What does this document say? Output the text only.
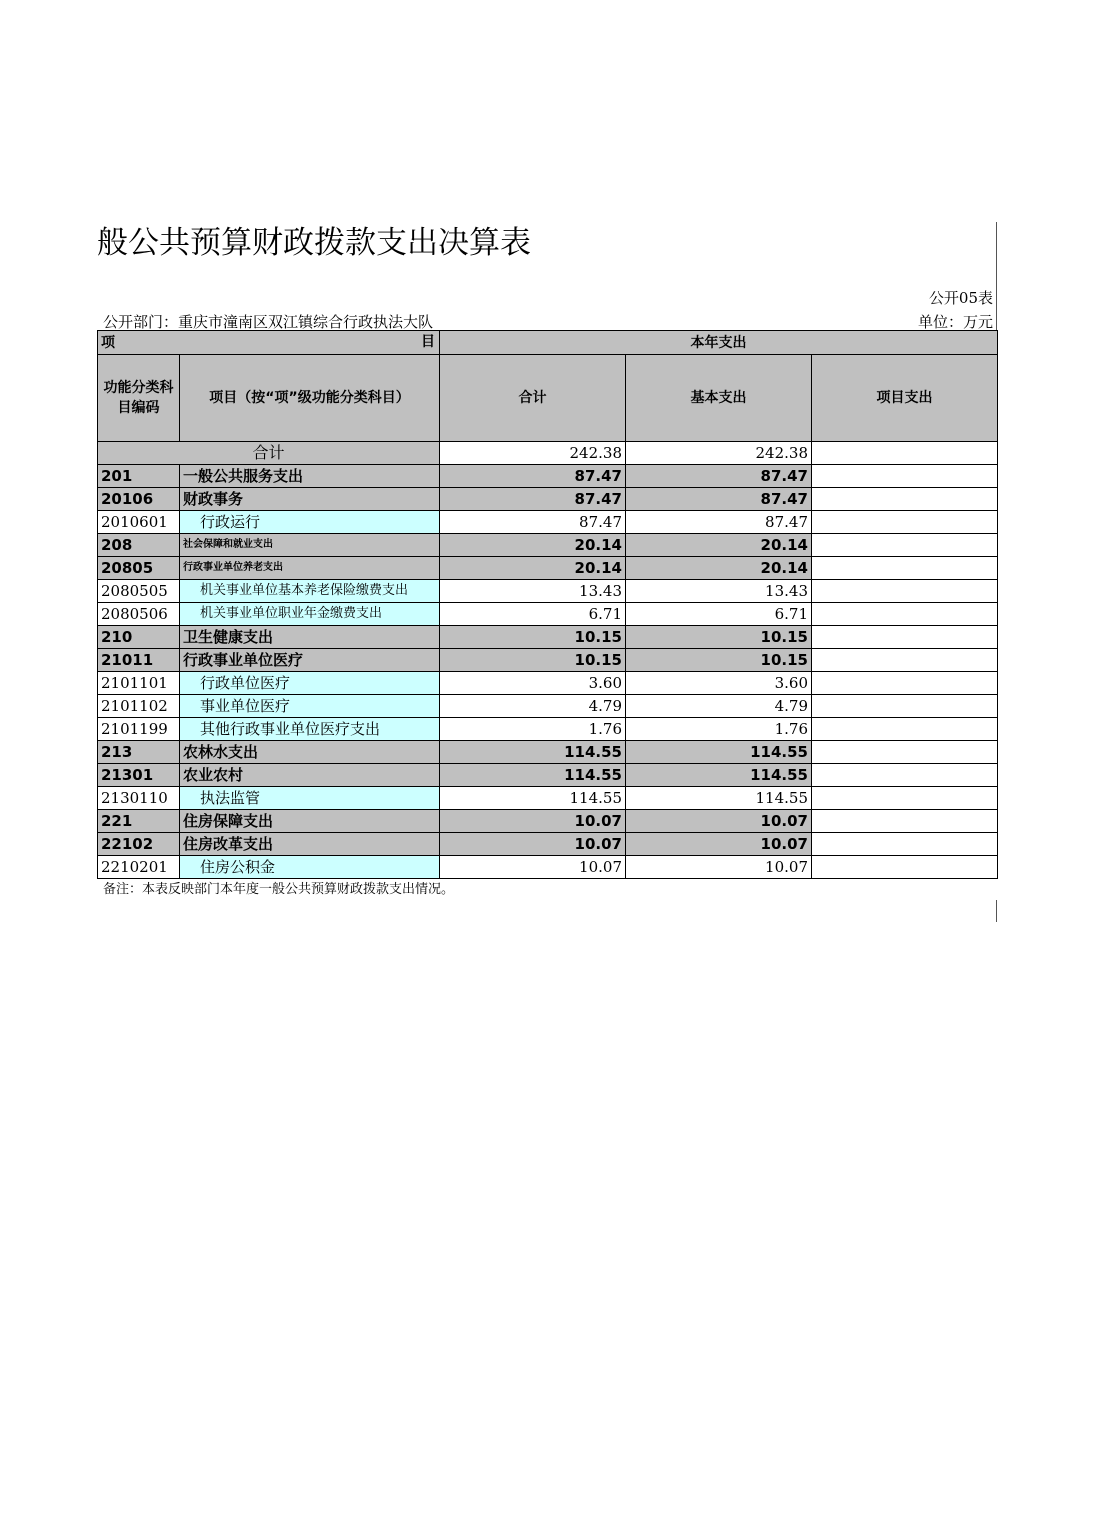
般公共预算财政拨款支出决算表
公开05表
公开部门：重庆市潼南区双江镇综合行政执法大队	单位：万元
项 目		本年支出		
功能分类科目编码	项目（按“项”级功能分类科目）	合计	基本支出	项目支出
合计		242.38	242.38	
201	一般公共服务支出	87.47	87.47	
20106	财政事务	87.47	87.47	
2010601	行政运行	87.47	87.47	
208	社会保障和就业支出	20.14	20.14	
20805	行政事业单位养老支出	20.14	20.14	
2080505	机关事业单位基本养老保险缴费支出	13.43	13.43	
2080506	机关事业单位职业年金缴费支出	6.71	6.71	
210	卫生健康支出	10.15	10.15	
21011	行政事业单位医疗	10.15	10.15	
2101101	行政单位医疗	3.60	3.60	
2101102	事业单位医疗	4.79	4.79	
2101199	其他行政事业单位医疗支出	1.76	1.76	
213	农林水支出	114.55	114.55	
21301	农业农村	114.55	114.55	
2130110	执法监管	114.55	114.55	
221	住房保障支出	10.07	10.07	
22102	住房改革支出	10.07	10.07	
2210201	住房公积金	10.07	10.07	
备注：本表反映部门本年度一般公共预算财政拨款支出情况。
